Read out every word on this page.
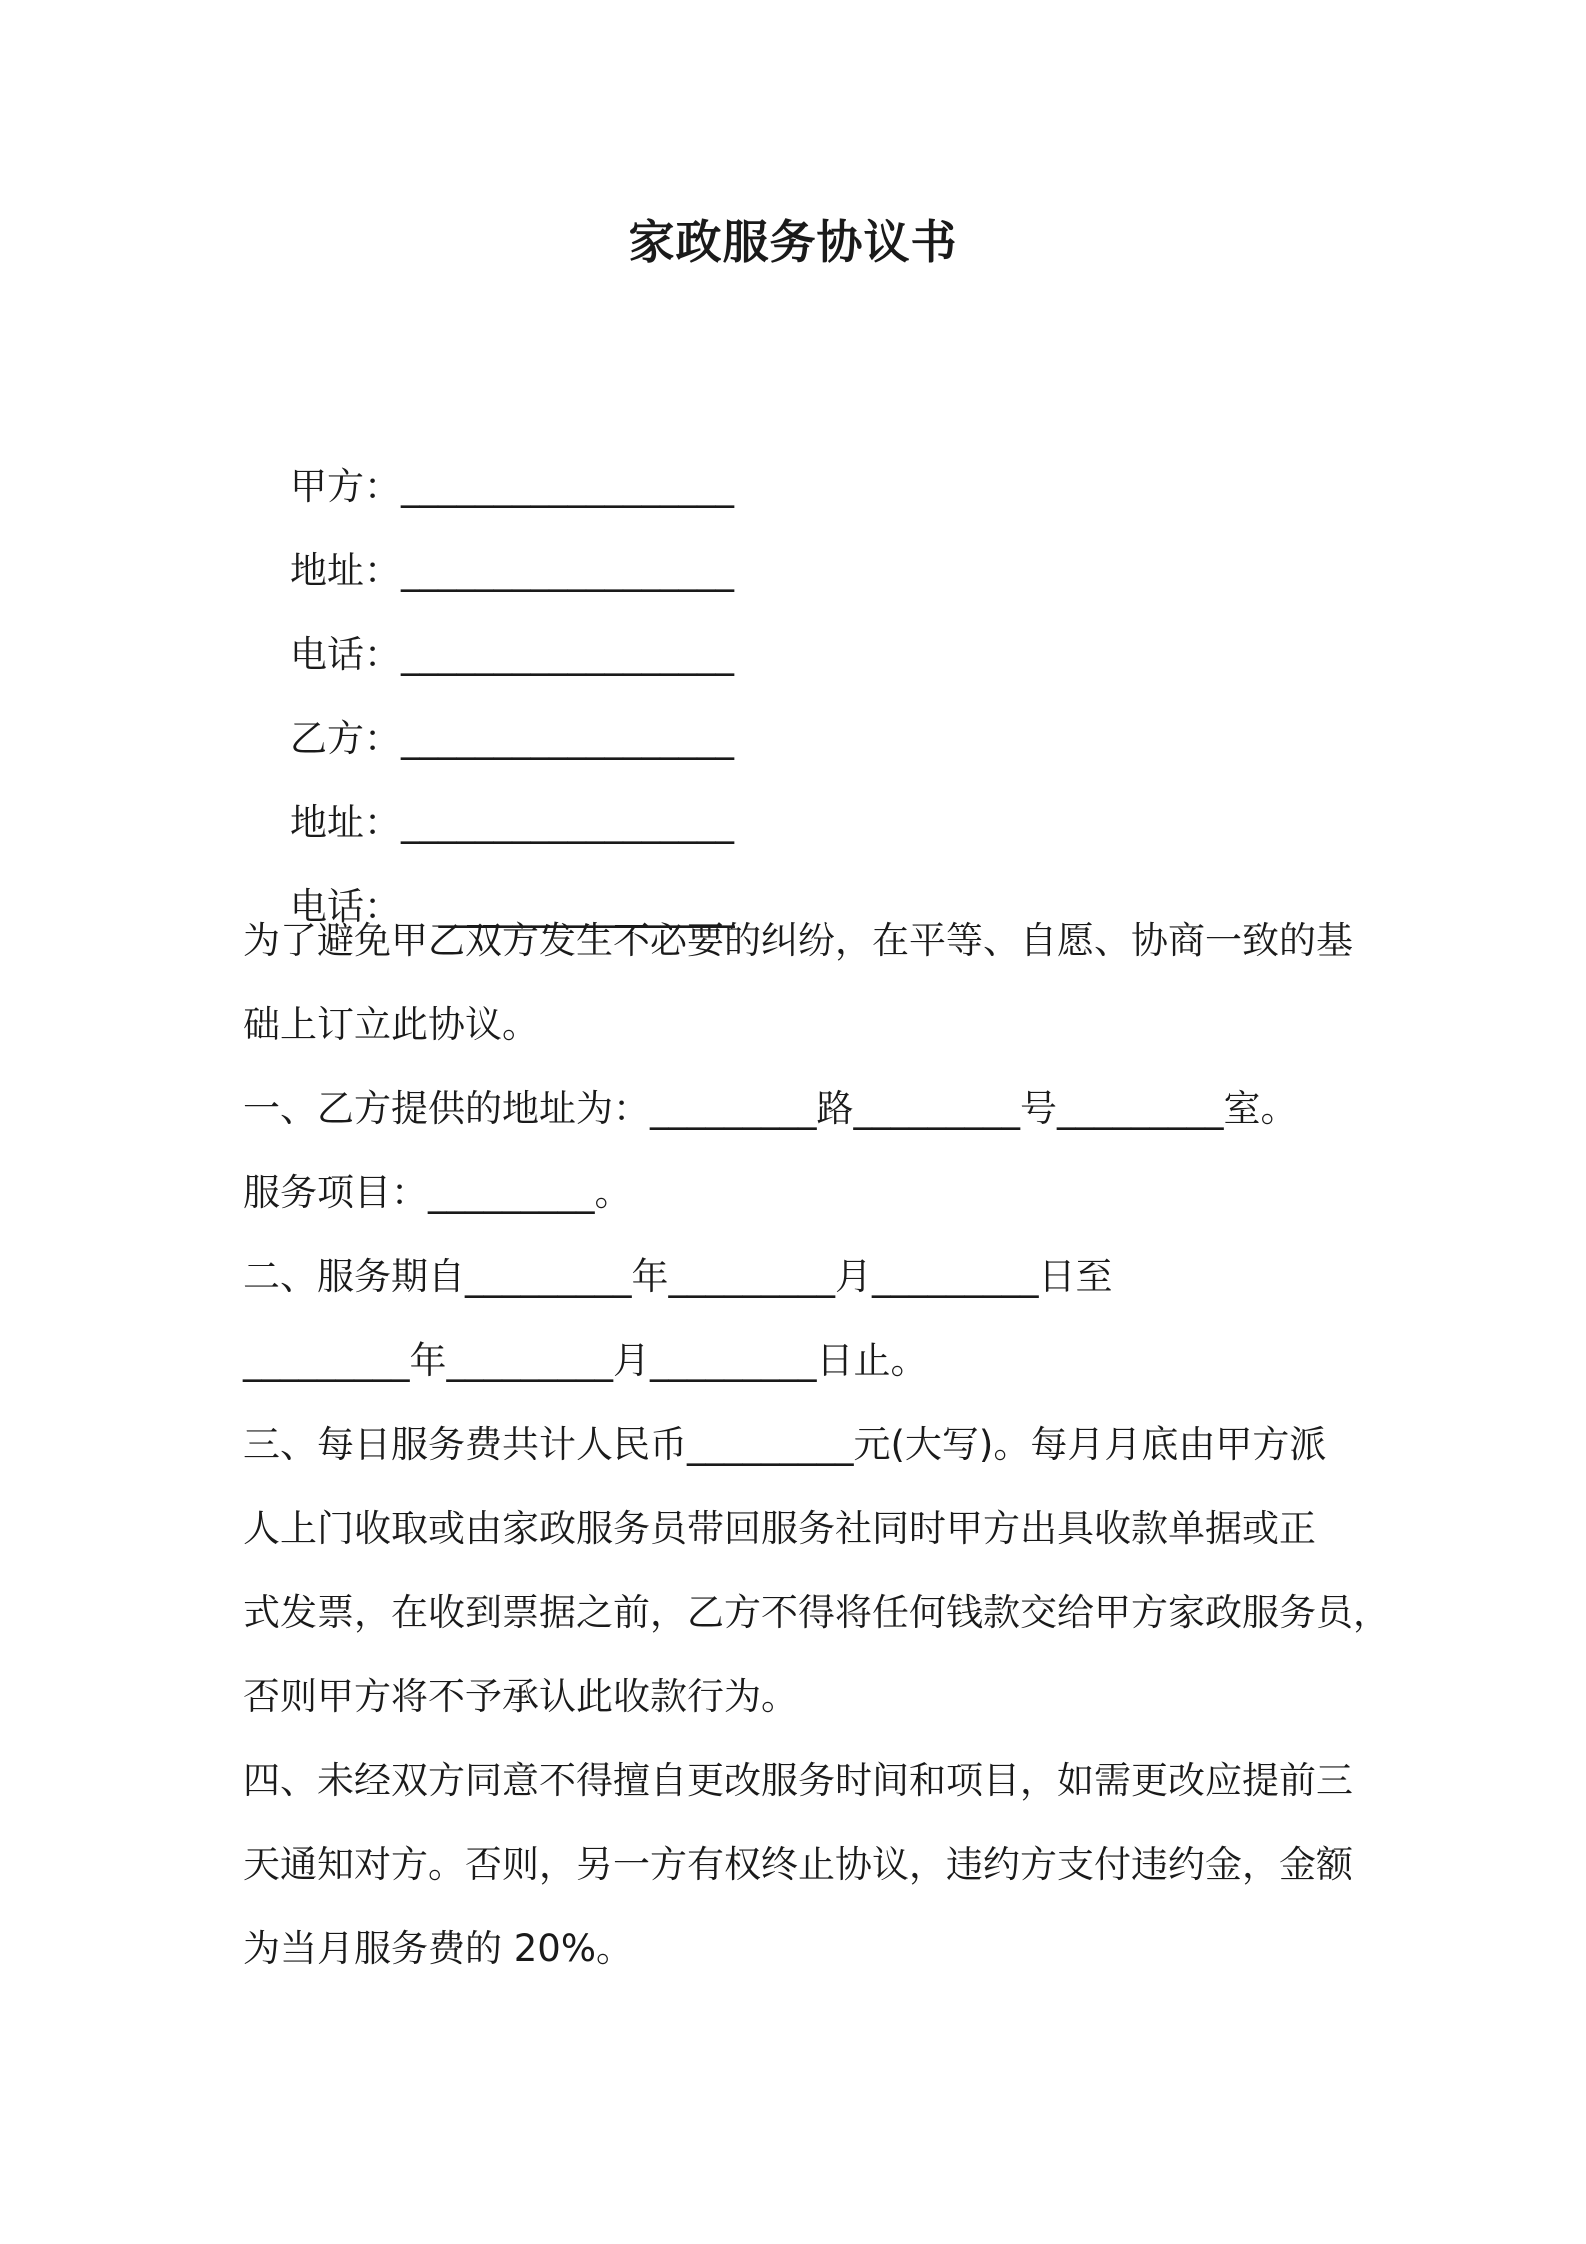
家政服务协议书

甲方：__________________

地址：__________________

电话：__________________

乙方：__________________

地址：__________________

电话：  ________________

为了避免甲乙双方发生不必要的纠纷，在平等、自愿、协商一致的基
础上订立此协议。
一、乙方提供的地址为：_________路_________号_________室。
服务项目：_________。
二、服务期自_________年_________月_________日至
_________年_________月_________日止。
三、每日服务费共计人民币_________元(大写)。每月月底由甲方派
人上门收取或由家政服务员带回服务社同时甲方出具收款单据或正
式发票，在收到票据之前，乙方不得将任何钱款交给甲方家政服务员，
否则甲方将不予承认此收款行为。
四、未经双方同意不得擅自更改服务时间和项目，如需更改应提前三
天通知对方。否则，另一方有权终止协议，违约方支付违约金，金额
为当月服务费的 20%。
